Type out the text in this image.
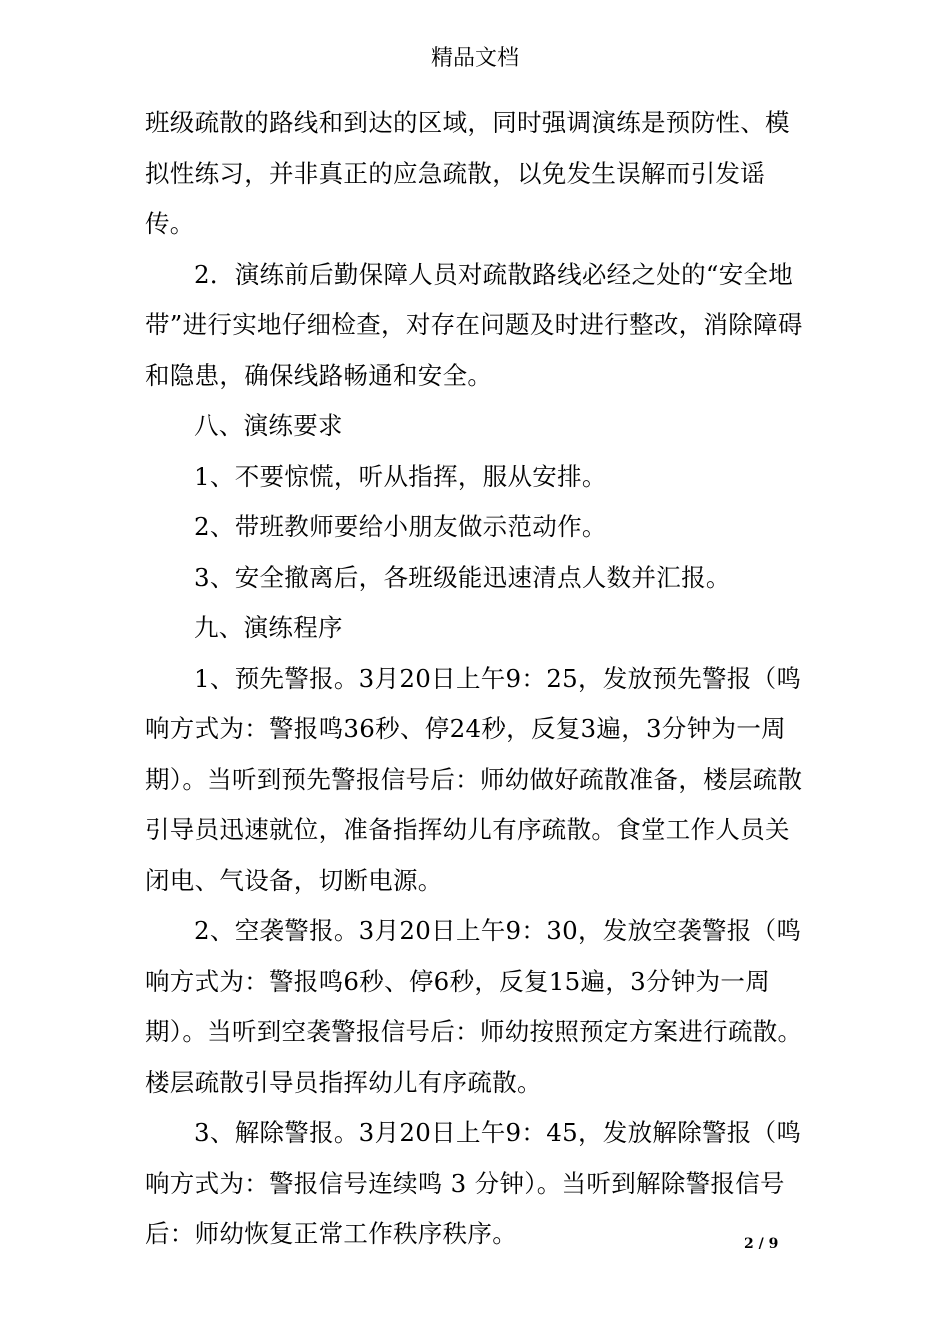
精品文档

班级疏散的路线和到达的区域，同时强调演练是预防性、模拟性练习，并非真正的应急疏散，以免发生误解而引发谣传。

2．演练前后勤保障人员对疏散路线必经之处的“安全地带”进行实地仔细检查，对存在问题及时进行整改，消除障碍和隐患，确保线路畅通和安全。

八、演练要求

1、不要惊慌，听从指挥，服从安排。

2、带班教师要给小朋友做示范动作。

3、安全撤离后，各班级能迅速清点人数并汇报。

九、演练程序

1、预先警报。3月20日上午9：25，发放预先警报（鸣响方式为：警报鸣36秒、停24秒，反复3遍，3分钟为一周期）。当听到预先警报信号后：师幼做好疏散准备，楼层疏散引导员迅速就位，准备指挥幼儿有序疏散。食堂工作人员关闭电、气设备，切断电源。

2、空袭警报。3月20日上午9：30，发放空袭警报（鸣响方式为：警报鸣6秒、停6秒，反复15遍，3分钟为一周期）。当听到空袭警报信号后：师幼按照预定方案进行疏散。楼层疏散引导员指挥幼儿有序疏散。

3、解除警报。3月20日上午9：45，发放解除警报（鸣响方式为：警报信号连续鸣 3 分钟）。当听到解除警报信号后：师幼恢复正常工作秩序秩序。	2 / 9
